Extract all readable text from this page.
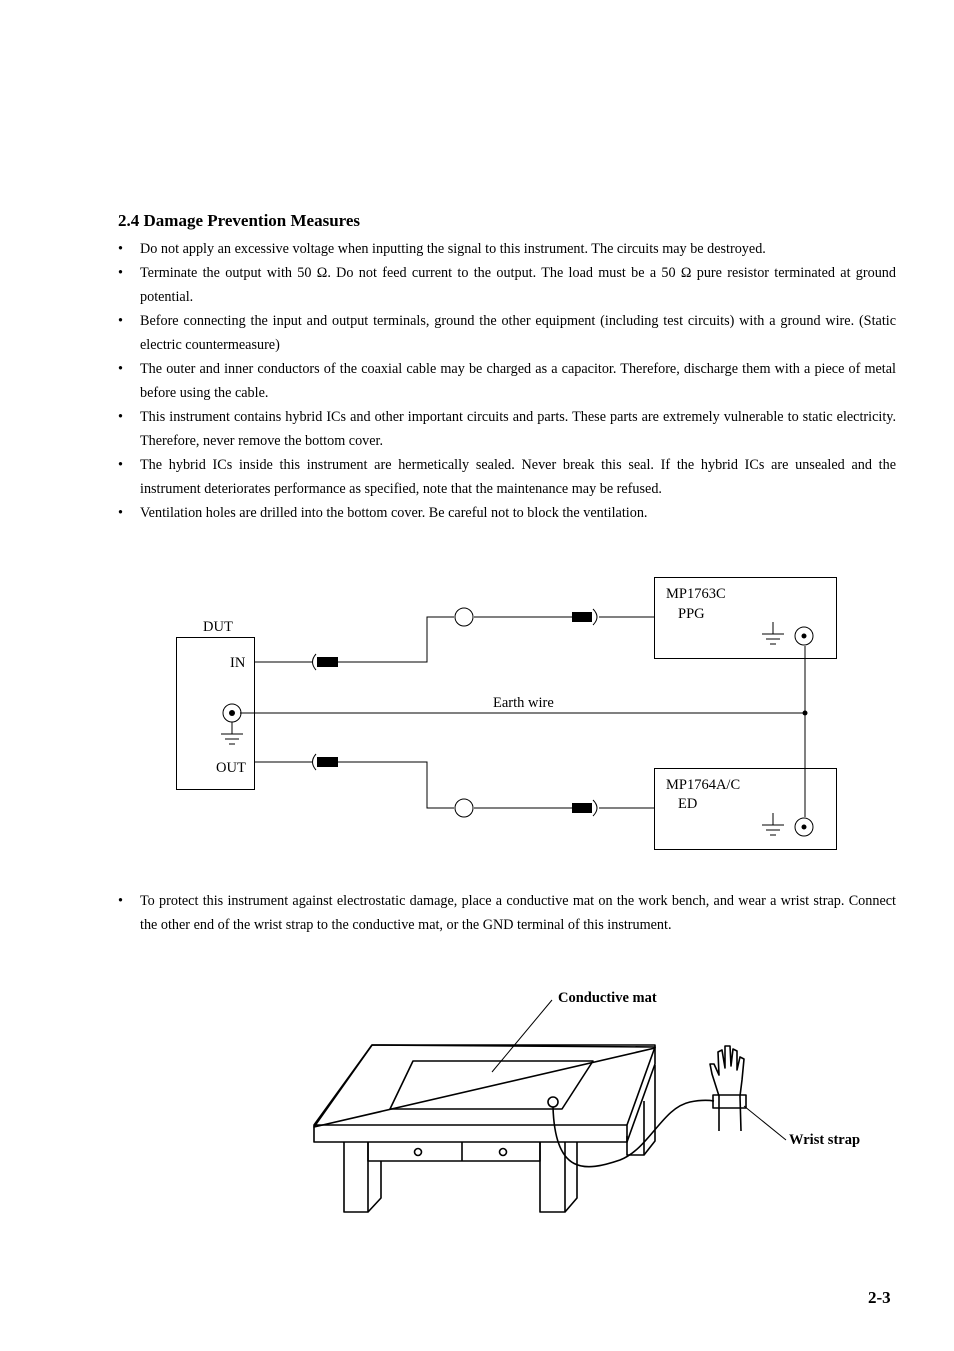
2.4 Damage Prevention Measures
• Do not apply an excessive voltage when inputting the signal to this instrument. The circuits may be destroyed.
• Terminate the output with 50 Ω. Do not feed current to the output. The load must be a 50 Ω pure resistor terminated at ground potential.
• Before connecting the input and output terminals, ground the other equipment (including test circuits) with a ground wire. (Static electric countermeasure)
• The outer and inner conductors of the coaxial cable may be charged as a capacitor. Therefore, discharge them with a piece of metal before using the cable.
• This instrument contains hybrid ICs and other important circuits and parts. These parts are extremely vulnerable to static electricity. Therefore, never remove the bottom cover.
• The hybrid ICs inside this instrument are hermetically sealed. Never break this seal. If the hybrid ICs are unsealed and the instrument deteriorates performance as specified, note that the maintenance may be refused.
• Ventilation holes are drilled into the bottom cover. Be careful not to block the ventilation.
DUT
IN
OUT
Earth wire
MP1763C
PPG
MP1764A/C
ED
• To protect this instrument against electrostatic damage, place a conductive mat on the work bench, and wear a wrist strap. Connect the other end of the wrist strap to the conductive mat, or the GND terminal of this instrument.
Conductive mat
Wrist strap
2-3
